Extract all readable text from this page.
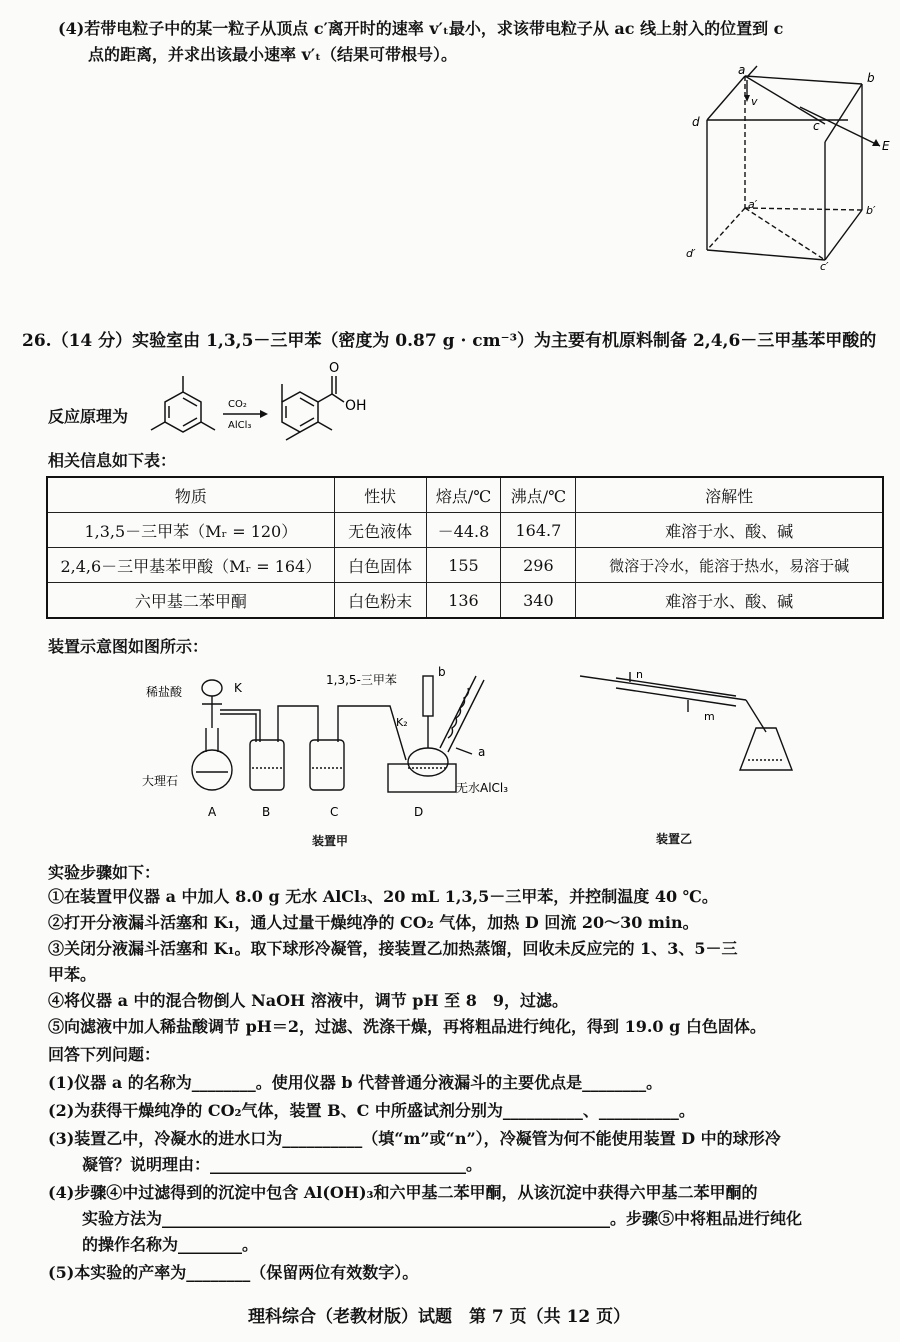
(4)若带电粒子中的某一粒子从顶点 c′离开时的速率 v′ₜ最小，求该带电粒子从 ac 线上射入的位置到 c
点的距离，并求出该最小速率 v′ₜ（结果可带根号）。
a
b
d	c
v
E
a′	b′
d′
c′
26.（14 分）实验室由 1,3,5－三甲苯（密度为 0.87 g · cm⁻³）为主要有机原料制备 2,4,6－三甲基苯甲酸的
反应原理为
O
OH
CO₂
AlCl₃
相关信息如下表：
物质	性状	熔点/℃	沸点/℃	溶解性
1,3,5－三甲苯（Mᵣ = 120）	无色液体	－44.8	164.7	难溶于水、酸、碱
2,4,6－三甲基苯甲酸（Mᵣ = 164）	白色固体	155	296	微溶于冷水，能溶于热水，易溶于碱
六甲基二苯甲酮	白色粉末	136	340	难溶于水、酸、碱
装置示意图如图所示：
稀盐酸	K
大理石
1,3,5-三甲苯
b
K₂
a
无水AlCl₃
A	B	C	D
装置甲
n
m
装置乙
实验步骤如下：
①在装置甲仪器 a 中加人 8.0 g 无水 AlCl₃、20 mL 1,3,5－三甲苯，并控制温度 40 ℃。
②打开分液漏斗活塞和 K₁，通人过量干燥纯净的 CO₂ 气体，加热 D 回流 20～30 min。
③关闭分液漏斗活塞和 K₁。取下球形冷凝管，接装置乙加热蒸馏，回收未反应完的 1、3、5－三
甲苯。
④将仪器 a 中的混合物倒人 NaOH 溶液中，调节 pH 至 8　9，过滤。
⑤向滤液中加人稀盐酸调节 pH＝2，过滤、洗涤干燥，再将粗品进行纯化，得到 19.0 g 白色固体。
回答下列问题：
(1)仪器 a 的名称为________。使用仪器 b 代替普通分液漏斗的主要优点是________。
(2)为获得干燥纯净的 CO₂气体，装置 B、C 中所盛试剂分别为__________、__________。
(3)装置乙中，冷凝水的进水口为__________（填“m”或“n”），冷凝管为何不能使用装置 D 中的球形冷
凝管？说明理由：________________________________。
(4)步骤④中过滤得到的沉淀中包含 Al(OH)₃和六甲基二苯甲酮，从该沉淀中获得六甲基二苯甲酮的
实验方法为________________________________________________________。步骤⑤中将粗品进行纯化
的操作名称为________。
(5)本实验的产率为________（保留两位有效数字）。
理科综合（老教材版）试题　第 7 页（共 12 页）
